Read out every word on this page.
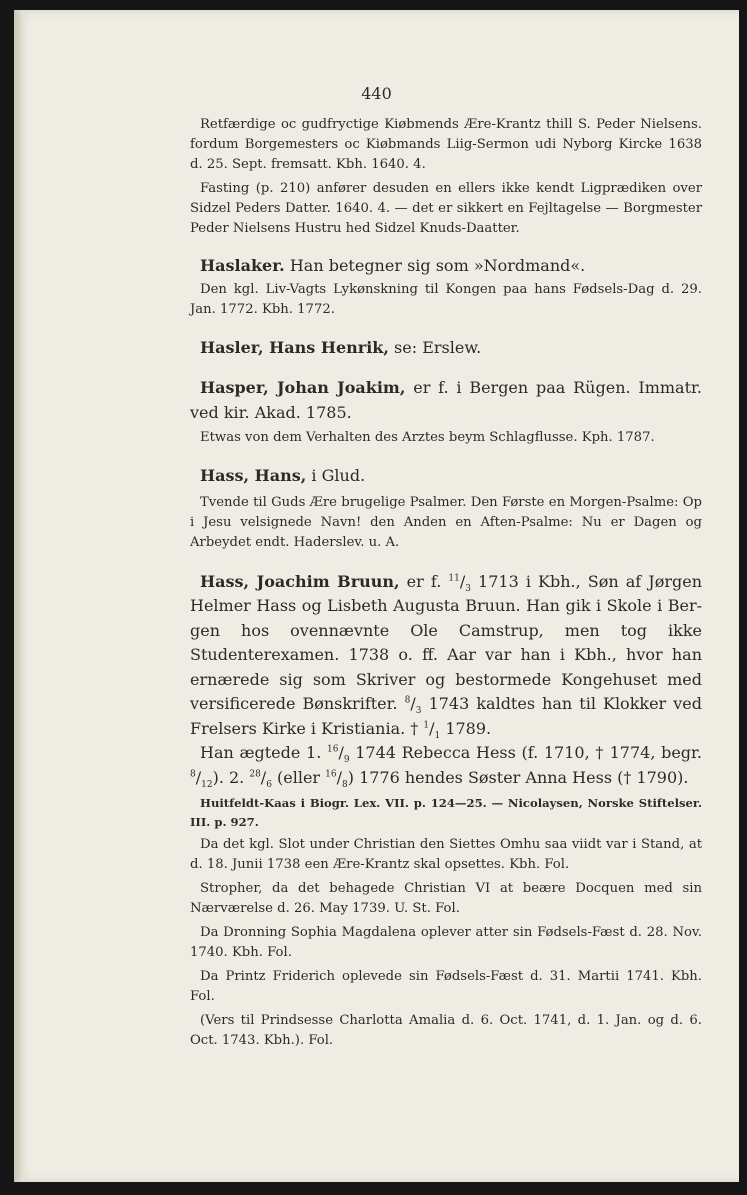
440

Retfærdige oc gudfryctige Kiøbmends Ære-Krantz thill S. Peder Nielsens. fordum Borgemesters oc Kiøbmands Liig-Sermon udi Nyborg Kircke 1638 d. 25. Sept. fremsatt. Kbh. 1640. 4.

Fasting (p. 210) anfører desuden en ellers ikke kendt Ligprædiken over Sidzel Peders Datter. 1640. 4. — det er sikkert en Fejltagelse — Borgmester Peder Nielsens Hustru hed Sidzel Knuds-Daatter.

Haslaker. Han betegner sig som »Nordmand«.

Den kgl. Liv-Vagts Lykønskning til Kongen paa hans Fødsels-Dag d. 29. Jan. 1772. Kbh. 1772.

Hasler, Hans Henrik, se: Erslew.

Hasper, Johan Joakim, er f. i Bergen paa Rügen. Immatr. ved kir. Akad. 1785.

Etwas von dem Verhalten des Arztes beym Schlagflusse. Kph. 1787.

Hass, Hans, i Glud.

Tvende til Guds Ære brugelige Psalmer. Den Første en Morgen-Psalme: Op i Jesu velsignede Navn! den Anden en Aften-Psalme: Nu er Dagen og Arbeydet endt. Haderslev. u. A.

Hass, Joachim Bruun, er f. $^{11}/_3$ 1713 i Kbh., Søn af Jørgen Helmer Hass og Lisbeth Augusta Bruun. Han gik i Skole i Bergen hos ovennævnte Ole Camstrup, men tog ikke Studenterexamen. 1738 o. ff. Aar var han i Kbh., hvor han ernærede sig som Skriver og bestormede Kongehuset med versificerede Bønskrifter. $^8/_3$ 1743 kaldtes han til Klokker ved Frelsers Kirke i Kristiania. † $^1/_1$ 1789.

Han ægtede 1. $^{16}/_9$ 1744 Rebecca Hess (f. 1710, † 1774, begr. $^8/_{12}$). 2. $^{28}/_6$ (eller $^{16}/_8$) 1776 hendes Søster Anna Hess († 1790).

Huitfeldt-Kaas i Biogr. Lex. VII. p. 124—25. — Nicolaysen, Norske Stiftelser. III. p. 927.

Da det kgl. Slot under Christian den Siettes Omhu saa viidt var i Stand, at d. 18. Junii 1738 een Ære-Krantz skal opsettes. Kbh. Fol.

Stropher, da det behagede Christian VI at beære Docquen med sin Nærværelse d. 26. May 1739. U. St. Fol.

Da Dronning Sophia Magdalena oplever atter sin Fødsels-Fæst d. 28. Nov. 1740. Kbh. Fol.

Da Printz Friderich oplevede sin Fødsels-Fæst d. 31. Martii 1741. Kbh. Fol.

(Vers til Prindsesse Charlotta Amalia d. 6. Oct. 1741, d. 1. Jan. og d. 6. Oct. 1743. Kbh.). Fol.
